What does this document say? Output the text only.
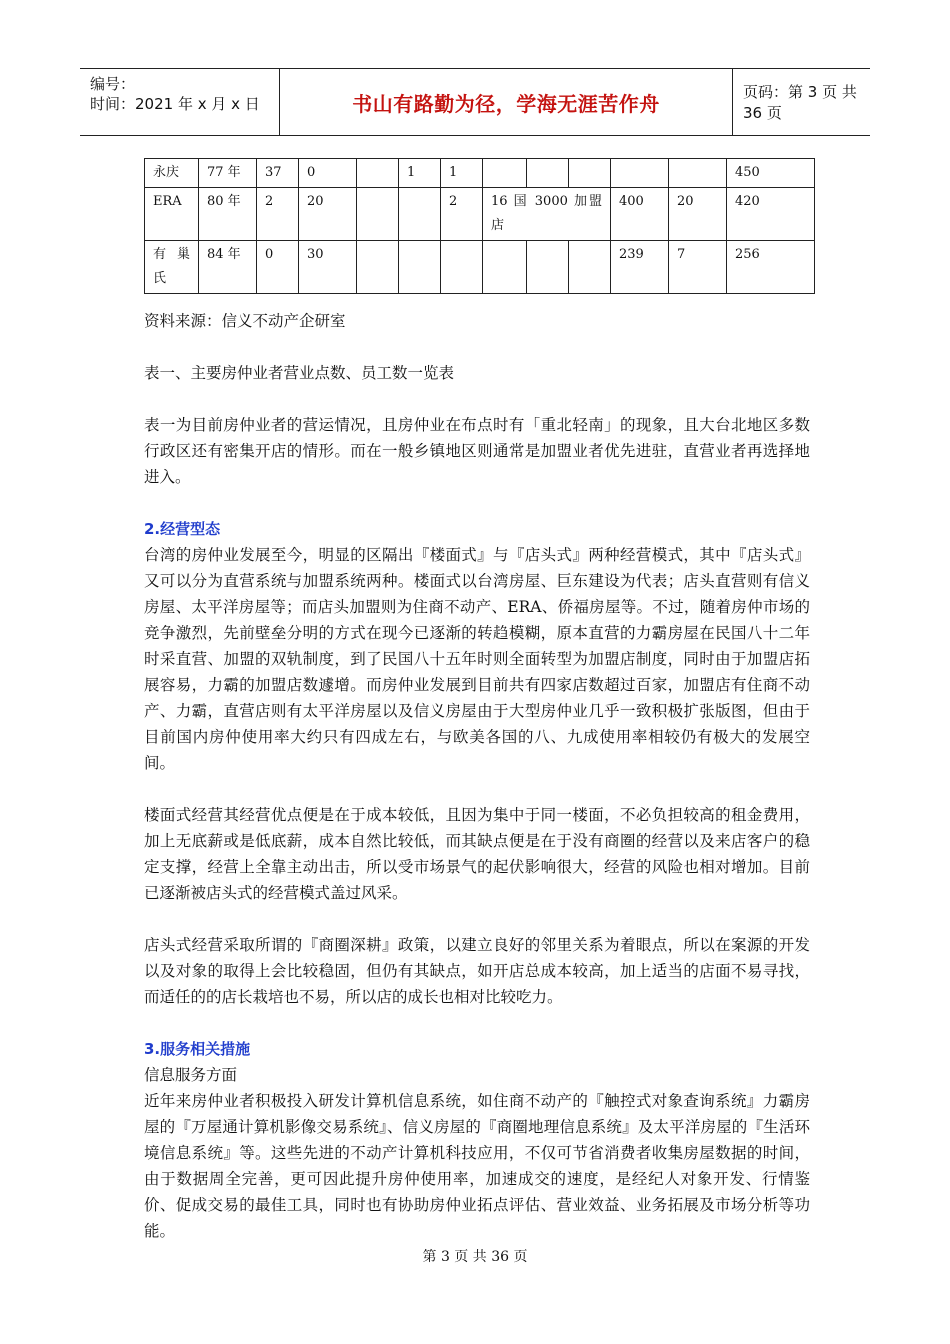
编号：
时间：2021 年 x 月 x 日	书山有路勤为径，学海无涯苦作舟	页码：第 3 页 共 36 页
永庆	77 年	37	0		1	1						450
ERA	80 年	2	20			2	16 国 3000 加盟店			400	20	420

有巢氏	84 年	0	30							239	7	256

资料来源：信义不动产企研室

表一、主要房仲业者营业点数、员工数一览表

表一为目前房仲业者的营运情况，且房仲业在布点时有「重北轻南」的现象，且大台北地区多数行政区还有密集开店的情形。而在一般乡镇地区则通常是加盟业者优先进驻，直营业者再选择地进入。

2.经营型态

台湾的房仲业发展至今，明显的区隔出『楼面式』与『店头式』两种经营模式，其中『店头式』又可以分为直营系统与加盟系统两种。楼面式以台湾房屋、巨东建设为代表；店头直营则有信义房屋、太平洋房屋等；而店头加盟则为住商不动产、ERA、侨福房屋等。不过，随着房仲市场的竞争激烈，先前壁垒分明的方式在现今已逐渐的转趋模糊，原本直营的力霸房屋在民国八十二年时采直营、加盟的双轨制度，到了民国八十五年时则全面转型为加盟店制度，同时由于加盟店拓展容易，力霸的加盟店数遽增。而房仲业发展到目前共有四家店数超过百家，加盟店有住商不动产、力霸，直营店则有太平洋房屋以及信义房屋由于大型房仲业几乎一致积极扩张版图，但由于目前国内房仲使用率大约只有四成左右，与欧美各国的八、九成使用率相较仍有极大的发展空间。

楼面式经营其经营优点便是在于成本较低，且因为集中于同一楼面，不必负担较高的租金费用，加上无底薪或是低底薪，成本自然比较低，而其缺点便是在于没有商圈的经营以及来店客户的稳定支撑，经营上全靠主动出击，所以受市场景气的起伏影响很大，经营的风险也相对增加。目前已逐渐被店头式的经营模式盖过风采。

店头式经营采取所谓的『商圈深耕』政策，以建立良好的邻里关系为着眼点，所以在案源的开发以及对象的取得上会比较稳固，但仍有其缺点，如开店总成本较高，加上适当的店面不易寻找，而适任的的店长栽培也不易，所以店的成长也相对比较吃力。

3.服务相关措施

信息服务方面

近年来房仲业者积极投入研发计算机信息系统，如住商不动产的『触控式对象查询系统』力霸房屋的『万屋通计算机影像交易系统』、信义房屋的『商圈地理信息系统』及太平洋房屋的『生活环境信息系统』等。这些先进的不动产计算机科技应用，不仅可节省消费者收集房屋数据的时间，由于数据周全完善，更可因此提升房仲使用率，加速成交的速度，是经纪人对象开发、行情鉴价、促成交易的最佳工具，同时也有协助房仲业拓点评估、营业效益、业务拓展及市场分析等功能。

第 3 页 共 36 页
